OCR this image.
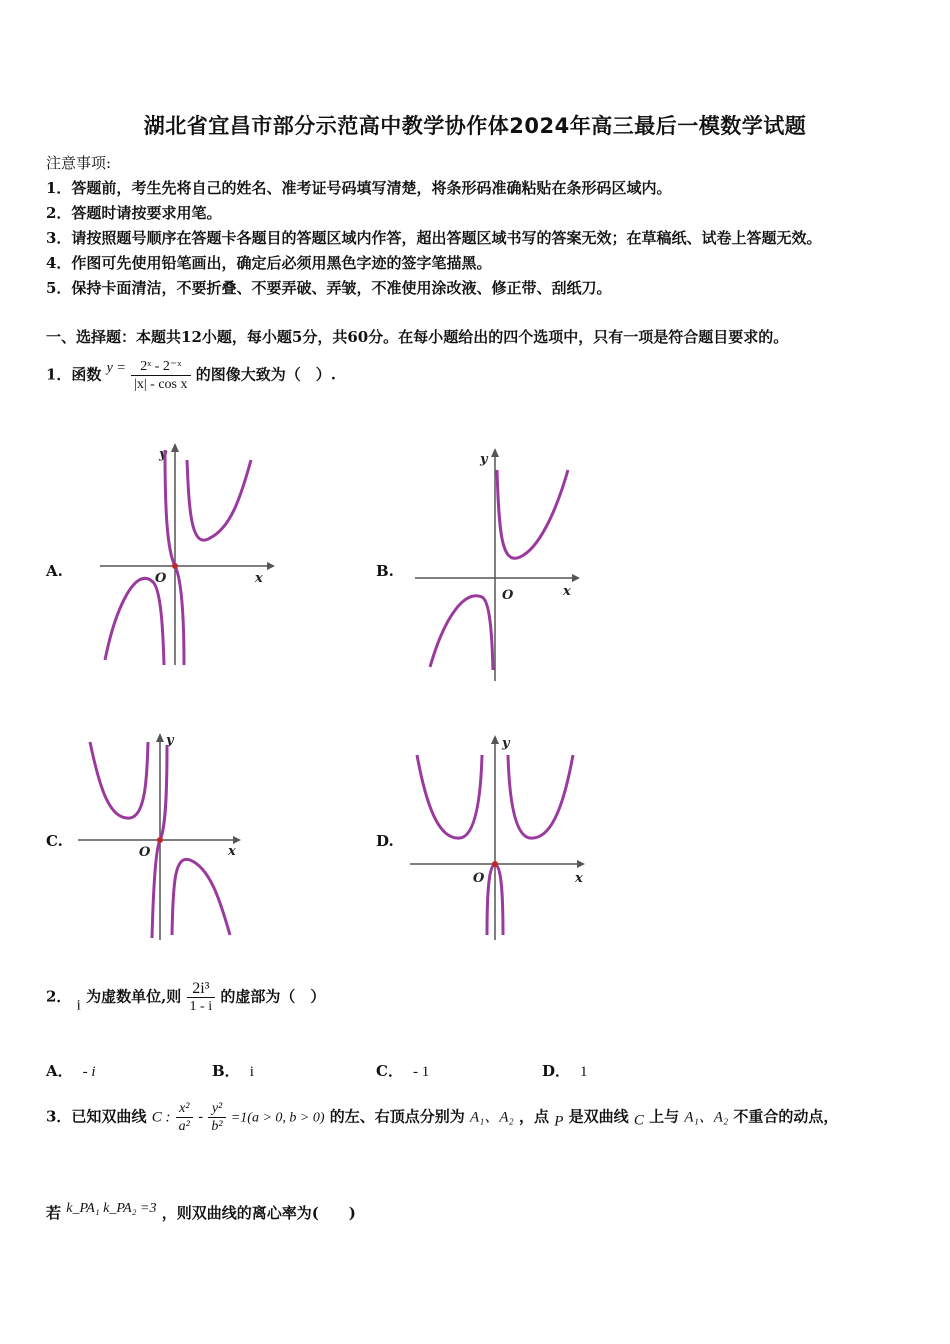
湖北省宜昌市部分示范高中教学协作体2024年高三最后一模数学试题
注意事项:
1．答题前，考生先将自己的姓名、准考证号码填写清楚，将条形码准确粘贴在条形码区域内。
2．答题时请按要求用笔。
3．请按照题号顺序在答题卡各题目的答题区域内作答，超出答题区域书写的答案无效；在草稿纸、试卷上答题无效。
4．作图可先使用铅笔画出，确定后必须用黑色字迹的签字笔描黑。
5．保持卡面清洁，不要折叠、不要弄破、弄皱，不准使用涂改液、修正带、刮纸刀。
一、选择题：本题共12小题，每小题5分，共60分。在每小题给出的四个选项中，只有一项是符合题目要求的。
1．函数 $y = \frac{\text{2ˣ - 2⁻ˣ}}{\text{|x| - cos x}}$ 的图像大致为（　）.
A.	B.
C.	D.
y
x
O
y
x
O
y
x
O
y
x
O
2． i 为虚数单位,则 $\frac{\text{2i³}}{1 - i}$ 的虚部为（　）
A． - i	B． i	C． - 1	D． 1
3．已知双曲线 C : $\frac{\text{x²}}{\text{a²}} - \frac{\text{y²}}{\text{b²}} =1(a > 0$, b > 0) 的左、右顶点分别为 A₁、A₂ ，点 P 是双曲线 C 上与 A₁、A₂ 不重合的动点，
若 k_PA₁ k_PA₂ =3 ，则双曲线的离心率为(　　)
